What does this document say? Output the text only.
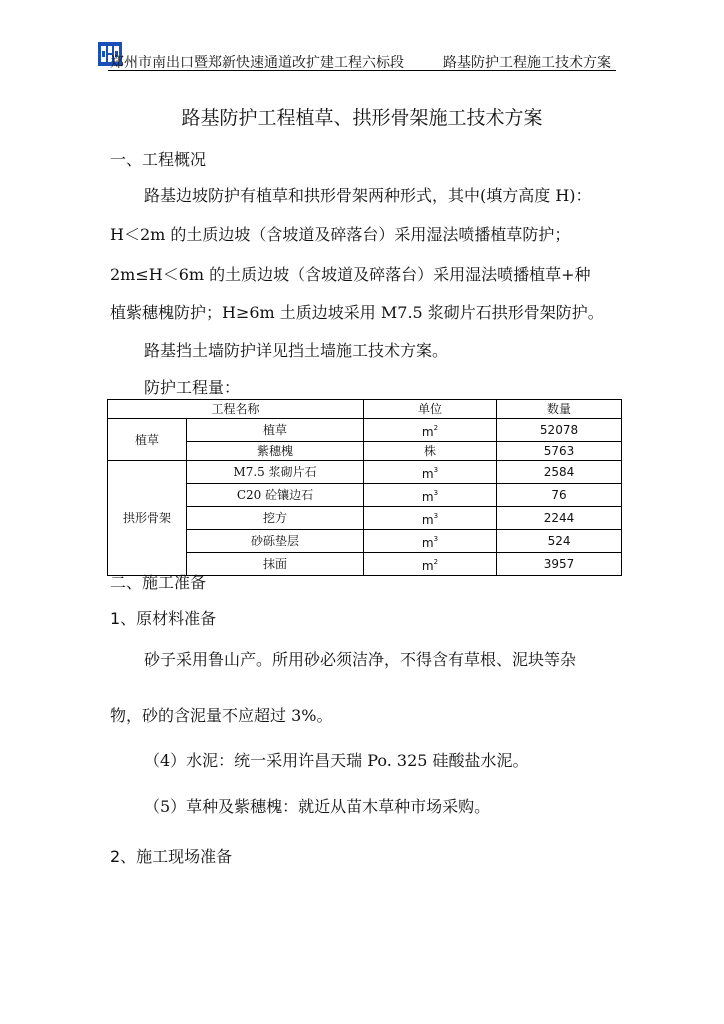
郑州市南出口暨郑新快速通道改扩建工程六标段	路基防护工程施工技术方案
路基防护工程植草、拱形骨架施工技术方案
一、工程概况
路基边坡防护有植草和拱形骨架两种形式，其中(填方高度 H)：
H＜2m 的土质边坡（含坡道及碎落台）采用湿法喷播植草防护；
2m≤H＜6m 的土质边坡（含坡道及碎落台）采用湿法喷播植草+种
植紫穗槐防护；H≥6m 土质边坡采用 M7.5 浆砌片石拱形骨架防护。
路基挡土墙防护详见挡土墙施工技术方案。
防护工程量：
工程名称		单位	数量
植草	植草	$m^2$	52078
	紫穗槐	株	5763
拱形骨架	M7.5 浆砌片石	$m^3$	2584
	C20 砼镶边石	$m^3$	76
	挖方	$m^3$	2244
	砂砾垫层	$m^3$	524
	抹面	$m^2$	3957
二、施工准备
1、原材料准备
砂子采用鲁山产。所用砂必须洁净，不得含有草根、泥块等杂
物，砂的含泥量不应超过 3%。
（4）水泥：统一采用许昌天瑞 Po. 325 硅酸盐水泥。
（5）草种及紫穗槐：就近从苗木草种市场采购。
2、施工现场准备
